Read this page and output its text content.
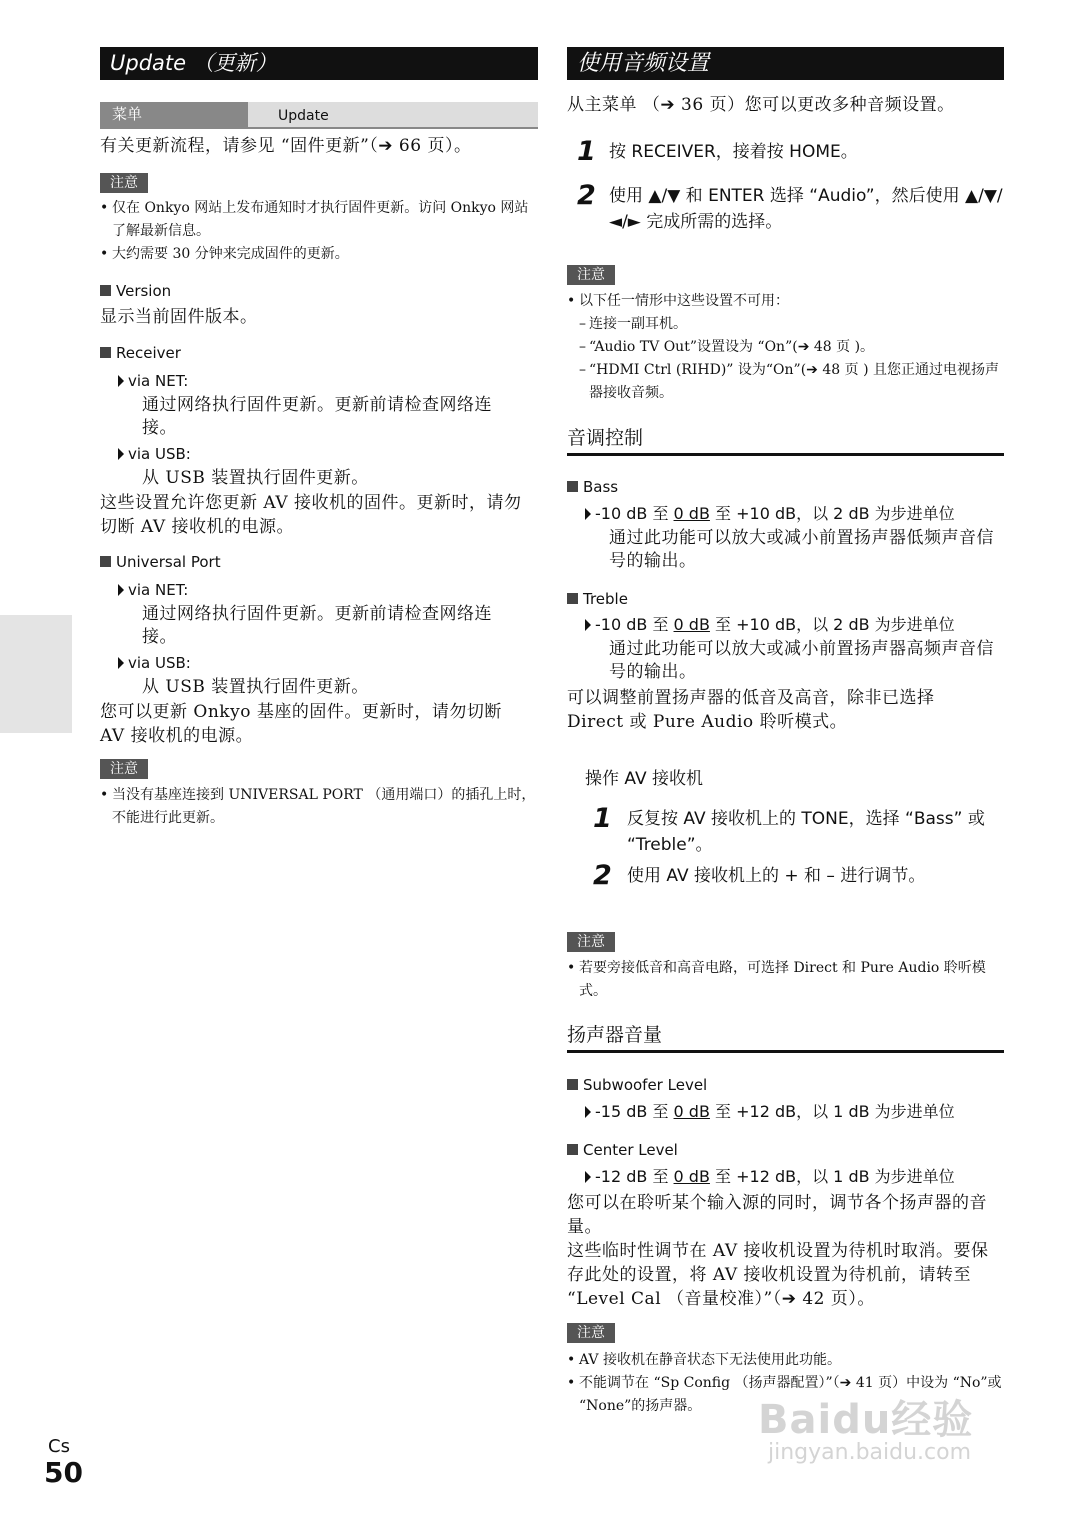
Update （更新）
菜单	Update
有关更新流程，请参见 “固件更新”（➔ 66 页）。
注意
• 仅在 Onkyo 网站上发布通知时才执行固件更新。访问 Onkyo 网站了解最新信息。
• 大约需要 30 分钟来完成固件的更新。
Version
显示当前固件版本。
Receiver
via NET:
通过网络执行固件更新。更新前请检查网络连接。
via USB:
从 USB 装置执行固件更新。
这些设置允许您更新 AV 接收机的固件。更新时，请勿切断 AV 接收机的电源。
Universal Port
via NET:
通过网络执行固件更新。更新前请检查网络连接。
via USB:
从 USB 装置执行固件更新。
您可以更新 Onkyo 基座的固件。更新时，请勿切断 AV 接收机的电源。
注意
• 当没有基座连接到 UNIVERSAL PORT （通用端口）的插孔上时，不能进行此更新。
使用音频设置
从主菜单 （➔ 36 页）您可以更改多种音频设置。
1 按 RECEIVER，接着按 HOME。
2 使用 ▲/▼ 和 ENTER 选择 “Audio”，然后使用 ▲/▼/◄/► 完成所需的选择。
注意
• 以下任一情形中这些设置不可用：
– 连接一副耳机。
– “Audio TV Out”设置设为 “On”(➔ 48 页 )。
– “HDMI Ctrl (RIHD)” 设为“On”(➔ 48 页 ) 且您正通过电视扬声器接收音频。
音调控制
Bass
-10 dB 至 0 dB 至 +10 dB，以 2 dB 为步进单位
通过此功能可以放大或减小前置扬声器低频声音信号的输出。
Treble
-10 dB 至 0 dB 至 +10 dB，以 2 dB 为步进单位
通过此功能可以放大或减小前置扬声器高频声音信号的输出。
可以调整前置扬声器的低音及高音，除非已选择 Direct 或 Pure Audio 聆听模式。
操作 AV 接收机
1 反复按 AV 接收机上的 TONE，选择 “Bass” 或 “Treble”。
2 使用 AV 接收机上的 + 和 – 进行调节。
注意
• 若要旁接低音和高音电路，可选择 Direct 和 Pure Audio 聆听模式。
扬声器音量
Subwoofer Level
-15 dB 至 0 dB 至 +12 dB，以 1 dB 为步进单位
Center Level
-12 dB 至 0 dB 至 +12 dB，以 1 dB 为步进单位
您可以在聆听某个输入源的同时，调节各个扬声器的音量。
这些临时性调节在 AV 接收机设置为待机时取消。要保存此处的设置，将 AV 接收机设置为待机前，请转至 “Level Cal （音量校准）”（➔ 42 页）。
注意
• AV 接收机在静音状态下无法使用此功能。
• 不能调节在 “Sp Config （扬声器配置）”（➔ 41 页）中设为 “No”或 “None”的扬声器。
Cs
50
Baidu经验
jingyan.baidu.com
